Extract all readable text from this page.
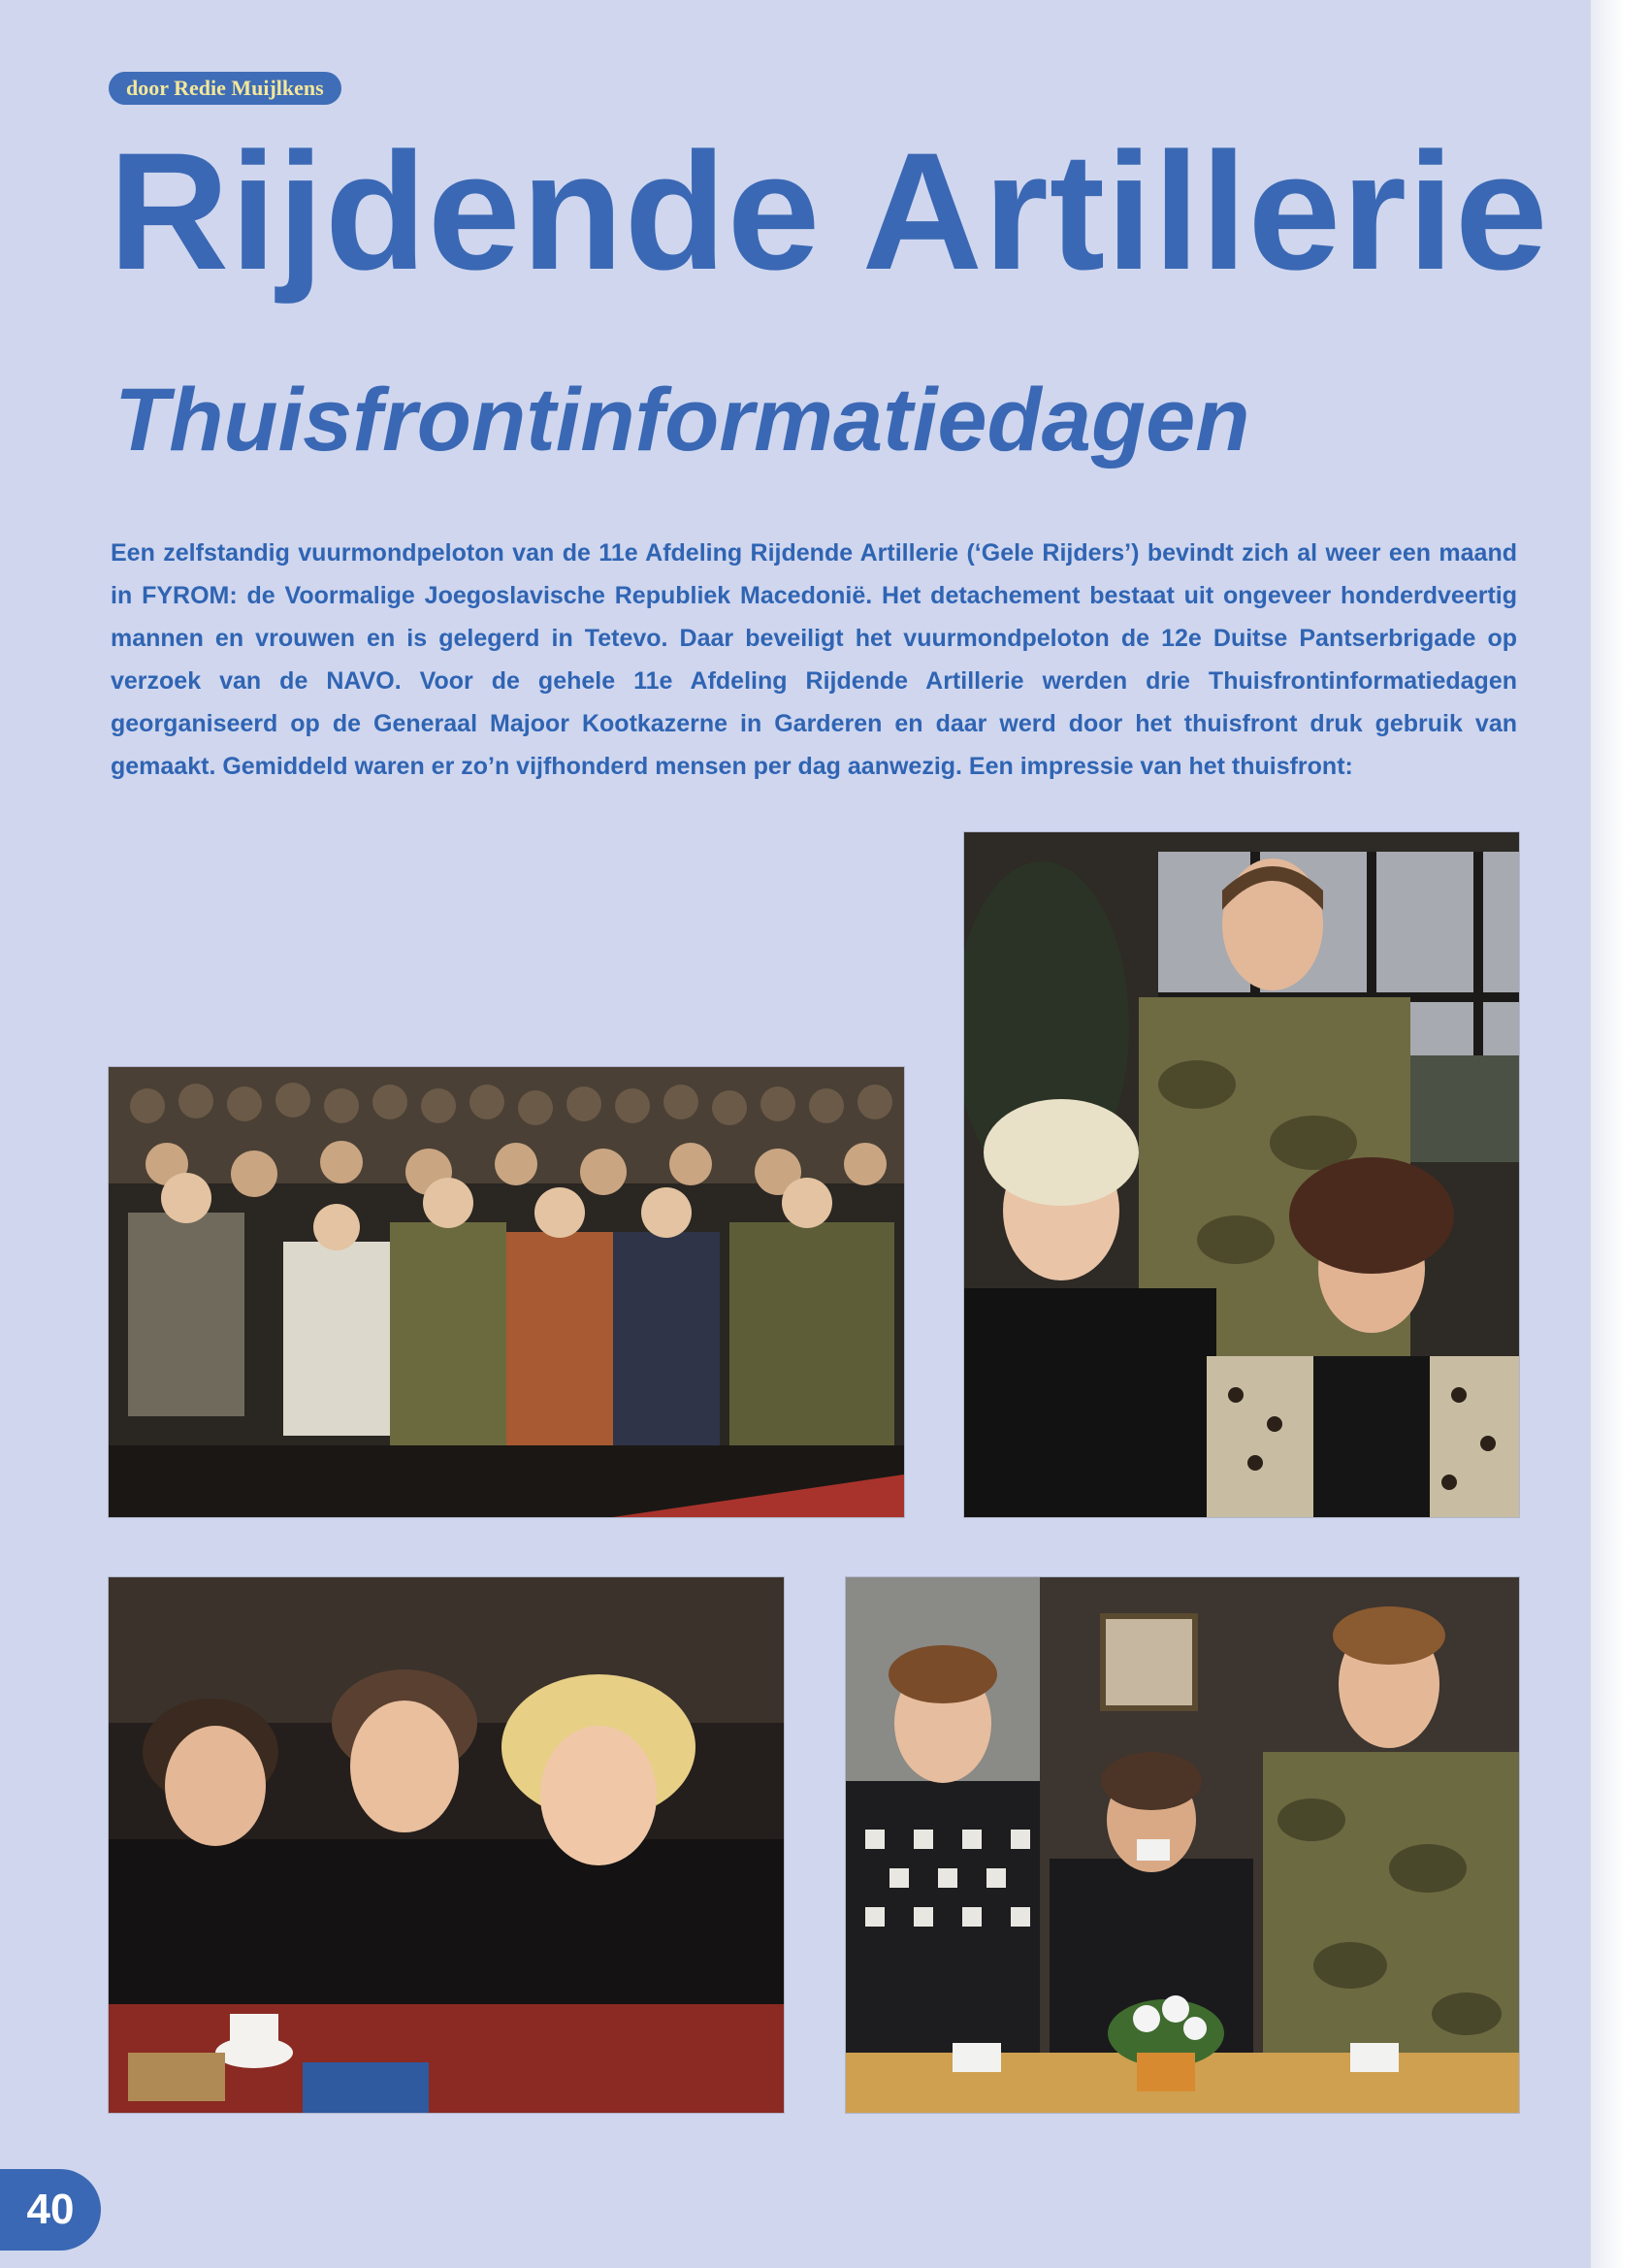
door Redie Muijlkens
Rijdende Artillerie
Thuisfrontinformatiedagen
Een zelfstandig vuurmondpeloton van de 11e Afdeling Rijdende Artillerie (‘Gele Rijders’) bevindt zich al weer een maand in FYROM: de Voormalige Joegoslavische Republiek Macedonië. Het detachement bestaat uit ongeveer honderdveertig mannen en vrouwen en is gelegerd in Tetevo. Daar beveiligt het vuurmondpeloton de 12e Duitse Pantserbrigade op verzoek van de NAVO. Voor de gehele 11e Afdeling Rijdende Artillerie werden drie Thuisfrontinformatiedagen georganiseerd op de Generaal Majoor Kootkazerne in Garderen en daar werd door het thuisfront druk gebruik van gemaakt. Gemiddeld waren er zo’n vijfhonderd mensen per dag aanwezig. Een impressie van het thuisfront:
40
